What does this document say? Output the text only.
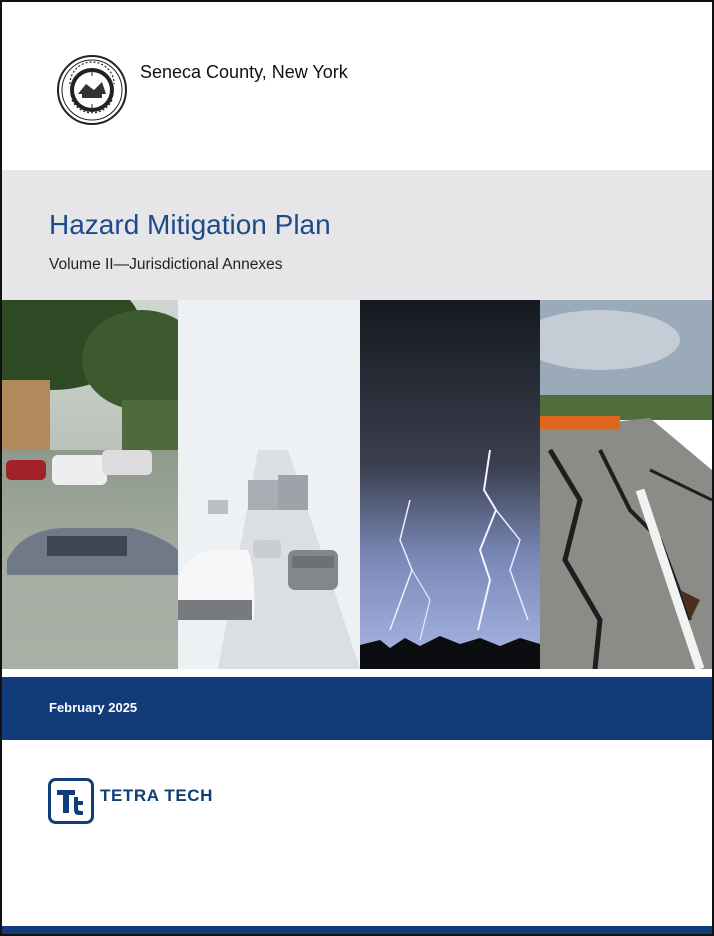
Seneca County, New York
Hazard Mitigation Plan
Volume II—Jurisdictional Annexes
February 2025
TETRA TECH
